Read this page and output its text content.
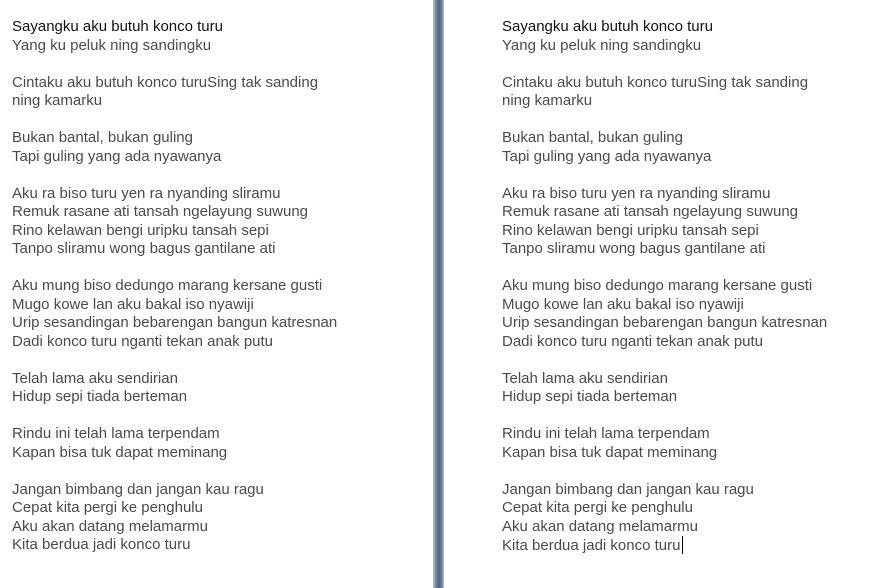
Sayangku aku butuh konco turu
Yang ku peluk ning sandingku
Cintaku aku butuh konco turuSing tak sanding
ning kamarku
Bukan bantal, bukan guling
Tapi guling yang ada nyawanya
Aku ra biso turu yen ra nyanding sliramu
Remuk rasane ati tansah ngelayung suwung
Rino kelawan bengi uripku tansah sepi
Tanpo sliramu wong bagus gantilane ati
Aku mung biso dedungo marang kersane gusti
Mugo kowe lan aku bakal iso nyawiji
Urip sesandingan bebarengan bangun katresnan
Dadi konco turu nganti tekan anak putu
Telah lama aku sendirian
Hidup sepi tiada berteman
Rindu ini telah lama terpendam
Kapan bisa tuk dapat meminang
Jangan bimbang dan jangan kau ragu
Cepat kita pergi ke penghulu
Aku akan datang melamarmu
Kita berdua jadi konco turu
Sayangku aku butuh konco turu
Yang ku peluk ning sandingku
Cintaku aku butuh konco turuSing tak sanding
ning kamarku
Bukan bantal, bukan guling
Tapi guling yang ada nyawanya
Aku ra biso turu yen ra nyanding sliramu
Remuk rasane ati tansah ngelayung suwung
Rino kelawan bengi uripku tansah sepi
Tanpo sliramu wong bagus gantilane ati
Aku mung biso dedungo marang kersane gusti
Mugo kowe lan aku bakal iso nyawiji
Urip sesandingan bebarengan bangun katresnan
Dadi konco turu nganti tekan anak putu
Telah lama aku sendirian
Hidup sepi tiada berteman
Rindu ini telah lama terpendam
Kapan bisa tuk dapat meminang
Jangan bimbang dan jangan kau ragu
Cepat kita pergi ke penghulu
Aku akan datang melamarmu
Kita berdua jadi konco turu
